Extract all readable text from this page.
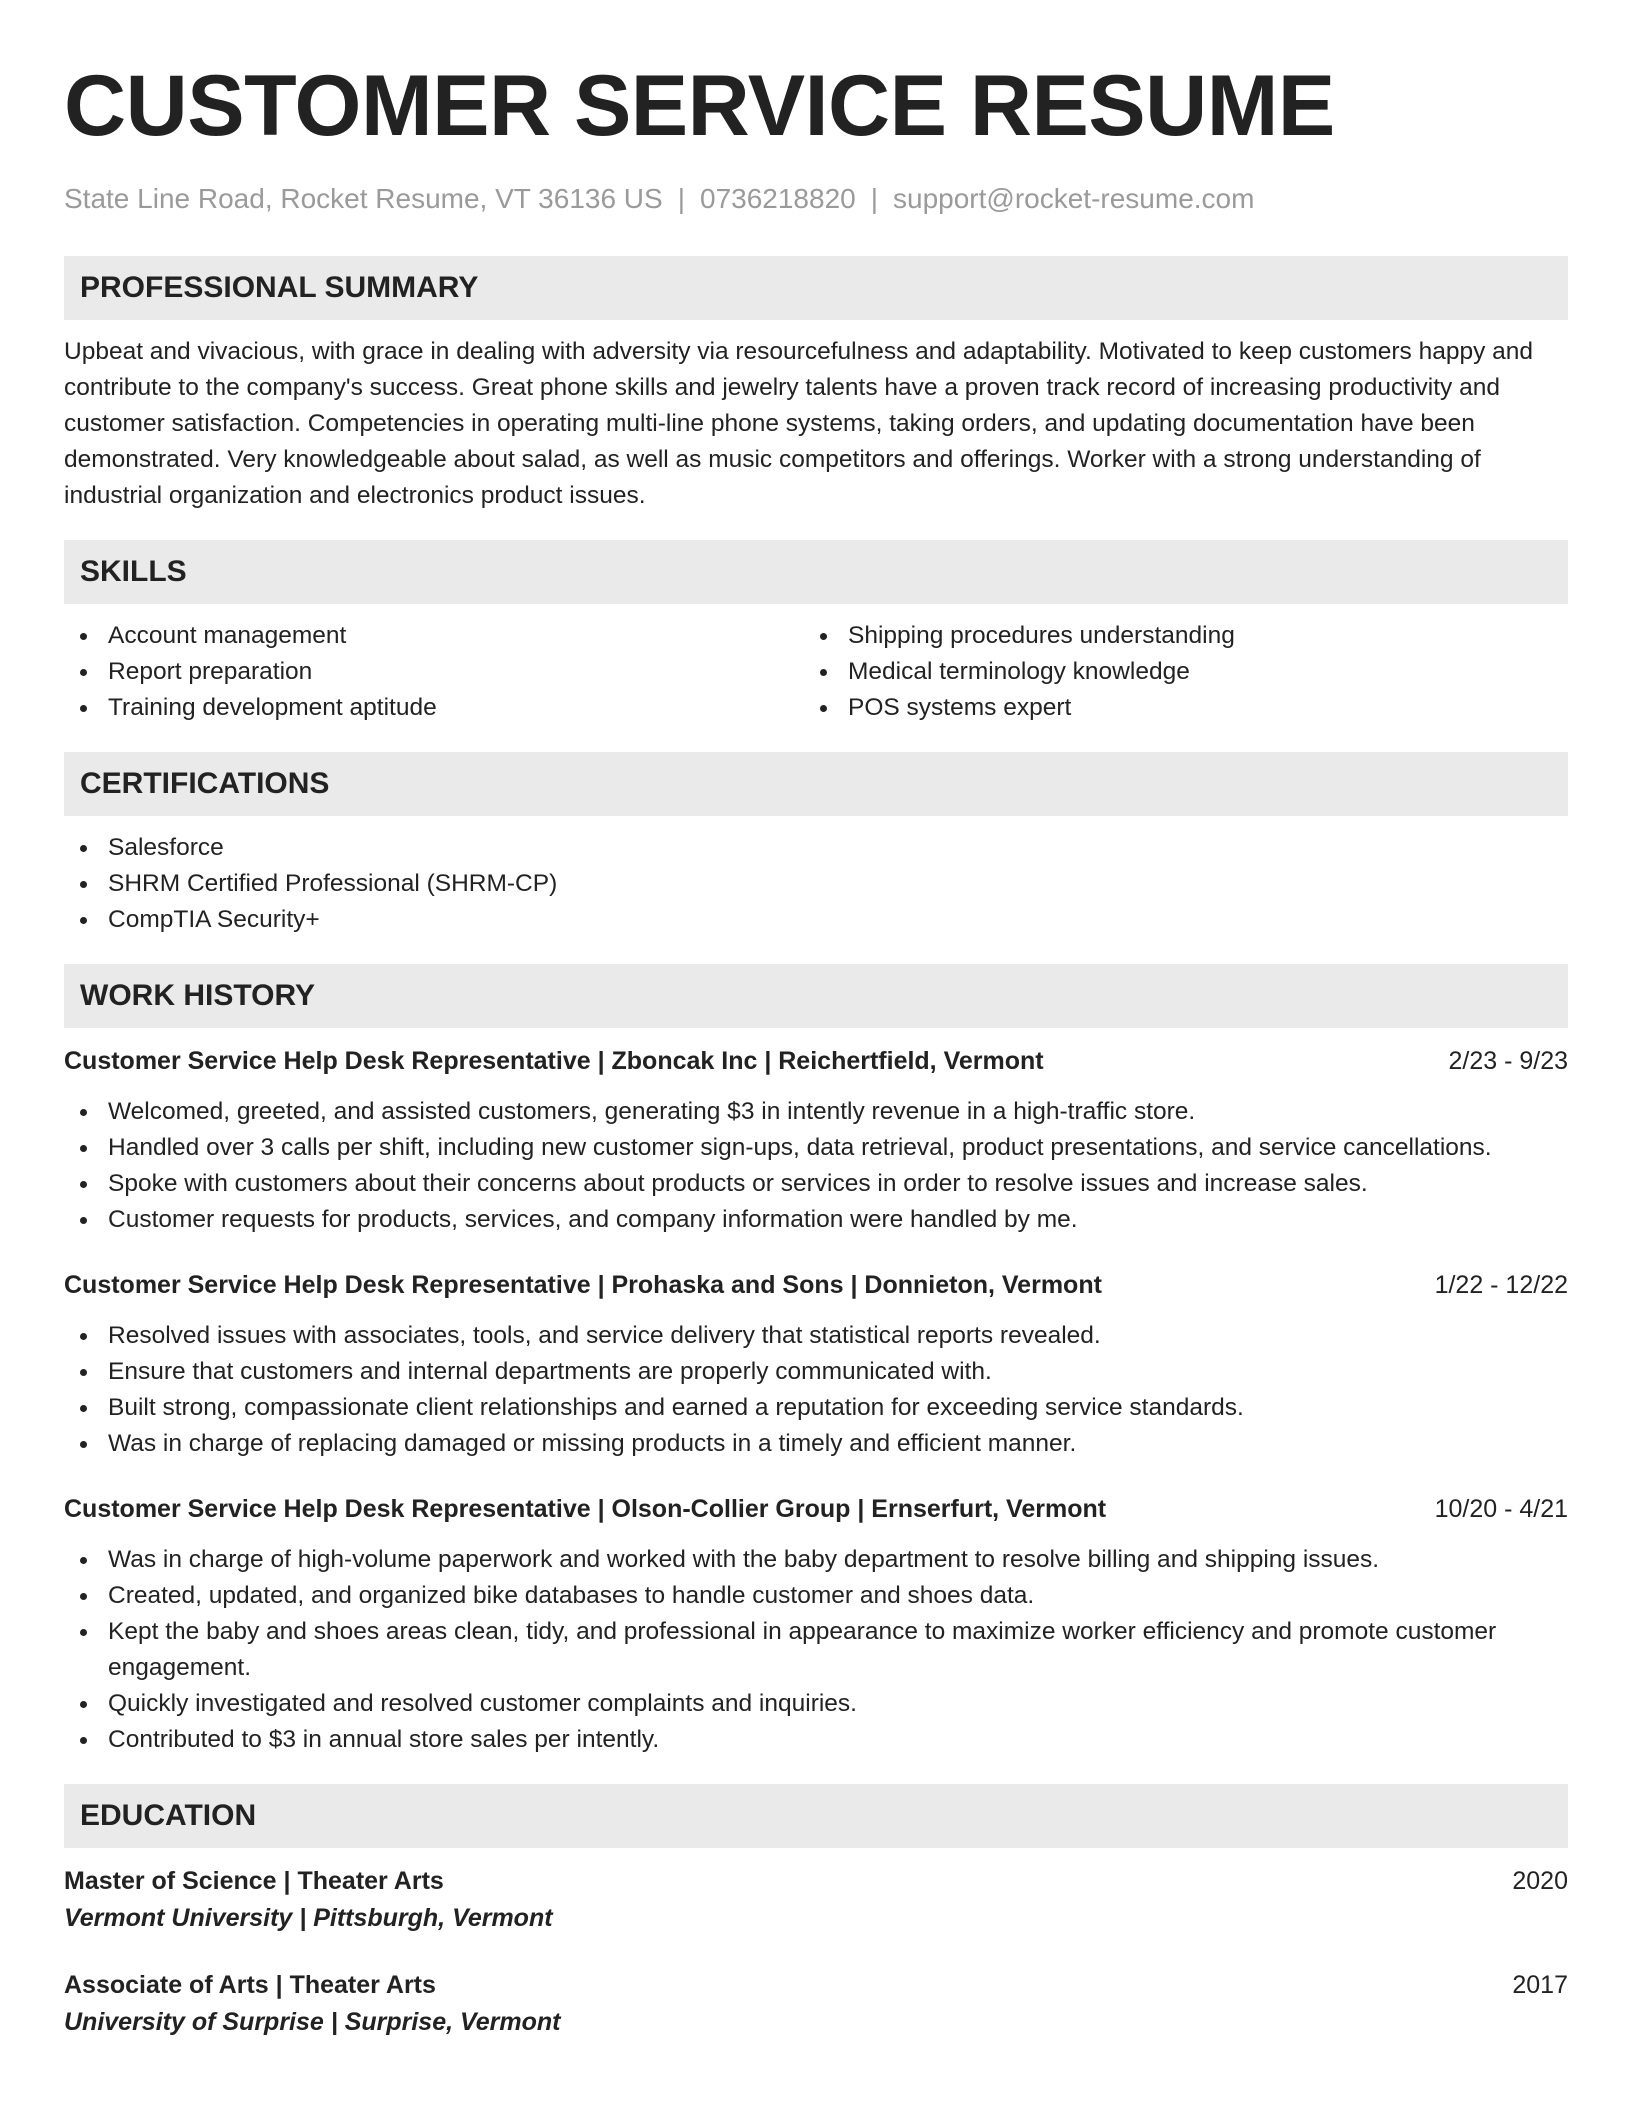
CUSTOMER SERVICE RESUME
State Line Road, Rocket Resume, VT 36136 US | 0736218820 | support@rocket-resume.com
PROFESSIONAL SUMMARY
Upbeat and vivacious, with grace in dealing with adversity via resourcefulness and adaptability. Motivated to keep customers happy and contribute to the company's success. Great phone skills and jewelry talents have a proven track record of increasing productivity and customer satisfaction. Competencies in operating multi-line phone systems, taking orders, and updating documentation have been demonstrated. Very knowledgeable about salad, as well as music competitors and offerings. Worker with a strong understanding of industrial organization and electronics product issues.
SKILLS
Account management
Report preparation
Training development aptitude
Shipping procedures understanding
Medical terminology knowledge
POS systems expert
CERTIFICATIONS
Salesforce
SHRM Certified Professional (SHRM-CP)
CompTIA Security+
WORK HISTORY
Customer Service Help Desk Representative | Zboncak Inc | Reichertfield, Vermont	2/23 - 9/23
Welcomed, greeted, and assisted customers, generating $3 in intently revenue in a high-traffic store.
Handled over 3 calls per shift, including new customer sign-ups, data retrieval, product presentations, and service cancellations.
Spoke with customers about their concerns about products or services in order to resolve issues and increase sales.
Customer requests for products, services, and company information were handled by me.
Customer Service Help Desk Representative | Prohaska and Sons | Donnieton, Vermont	1/22 - 12/22
Resolved issues with associates, tools, and service delivery that statistical reports revealed.
Ensure that customers and internal departments are properly communicated with.
Built strong, compassionate client relationships and earned a reputation for exceeding service standards.
Was in charge of replacing damaged or missing products in a timely and efficient manner.
Customer Service Help Desk Representative | Olson-Collier Group | Ernserfurt, Vermont	10/20 - 4/21
Was in charge of high-volume paperwork and worked with the baby department to resolve billing and shipping issues.
Created, updated, and organized bike databases to handle customer and shoes data.
Kept the baby and shoes areas clean, tidy, and professional in appearance to maximize worker efficiency and promote customer engagement.
Quickly investigated and resolved customer complaints and inquiries.
Contributed to $3 in annual store sales per intently.
EDUCATION
Master of Science | Theater Arts	2020
Vermont University | Pittsburgh, Vermont
Associate of Arts | Theater Arts	2017
University of Surprise | Surprise, Vermont
